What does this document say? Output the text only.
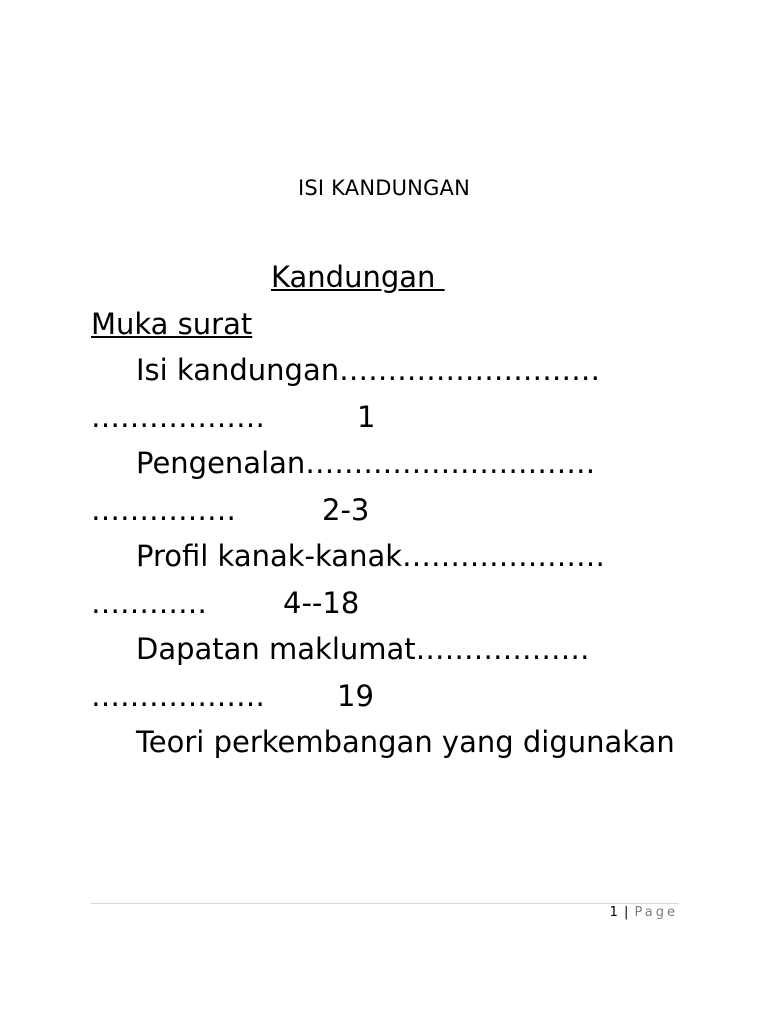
ISI KANDUNGAN
Kandungan
Muka surat
Isi kandungan………………………
………………	1
Pengenalan…………………………
……………	2-3
Profil kanak-kanak…………………
…………	4--18
Dapatan maklumat………………
……………… 19
Teori perkembangan yang digunakan
1 | Page
